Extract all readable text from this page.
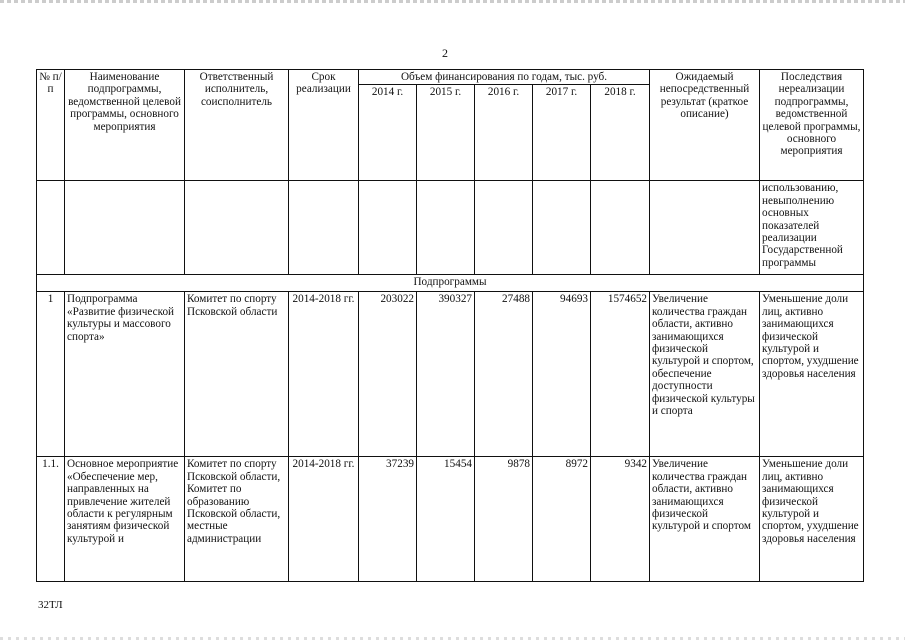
2
№ п/п	Наименование подпрограммы, ведомственной целевой программы, основного мероприятия	Ответственный исполнитель, соисполнитель	Срок реализации	Объем финансирования по годам, тыс. руб.					Ожидаемый непосредственный результат (краткое описание)	Последствия нереализации подпрограммы, ведомственной целевой программы, основного мероприятия
				2014 г.	2015 г.	2016 г.	2017 г.	2018 г.		
										использованию, невыполнению основных показателей реализации Государственной программы
Подпрограммы										
1	Подпрограмма «Развитие физической культуры и массового спорта»	Комитет по спорту Псковской области	2014-2018 гг.	203022	390327	27488	94693	1574652	Увеличение количества граждан области, активно занимающихся физической культурой и спортом, обеспечение доступности физической культуры и спорта	Уменьшение доли лиц, активно занимающихся физической культурой и спортом, ухудшение здоровья населения
1.1.	Основное мероприятие «Обеспечение мер, направленных на привлечение жителей области к регулярным занятиям физической культурой и	Комитет по спорту Псковской области, Комитет по образованию Псковской области, местные администрации	2014-2018 гг.	37239	15454	9878	8972	9342	Увеличение количества граждан области, активно занимающихся физической культурой и спортом	Уменьшение доли лиц, активно занимающихся физической культурой и спортом, ухудшение здоровья населения
32ТЛ
